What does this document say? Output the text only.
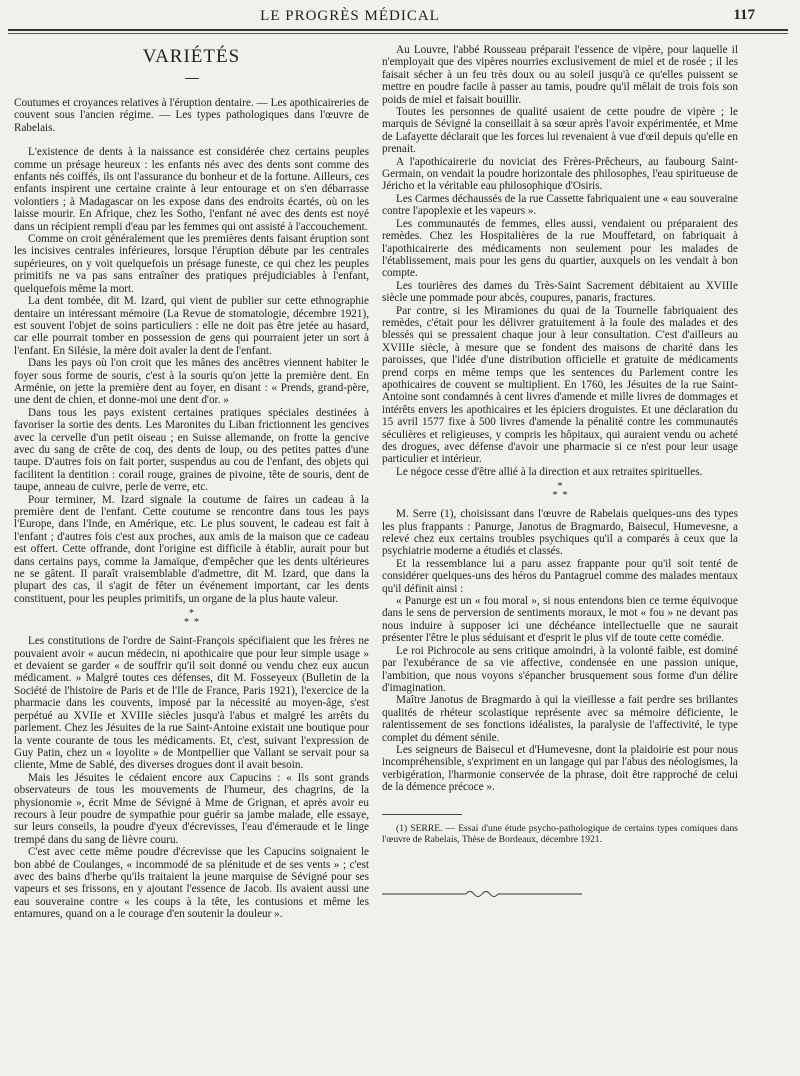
LE PROGRÈS MÉDICAL	117
VARIÉTÉS

Coutumes et croyances relatives à l'éruption dentaire. — Les apothicaireries de couvent sous l'ancien régime. — Les types pathologiques dans l'œuvre de Rabelais.

L'existence de dents à la naissance est considérée chez certains peuples comme un présage heureux : les enfants nés avec des dents sont comme des enfants nés coiffés, ils ont l'assurance du bonheur et de la fortune. Ailleurs, ces enfants inspirent une certaine crainte à leur entourage et on s'en débarrasse volontiers ; à Madagascar on les expose dans des endroits écartés, où on les laisse mourir. En Afrique, chez les Sotho, l'enfant né avec des dents est noyé dans un récipient rempli d'eau par les femmes qui ont assisté à l'accouchement.

Comme on croit généralement que les premières dents faisant éruption sont les incisives centrales inférieures, lorsque l'éruption débute par les centrales supérieures, on y voit quelquefois un présage funeste, ce qui chez les peuples primitifs ne va pas sans entraîner des pratiques préjudiciables à l'enfant, quelquefois même la mort.

La dent tombée, dit M. Izard, qui vient de publier sur cette ethnographie dentaire un intéressant mémoire (La Revue de stomatologie, décembre 1921), est souvent l'objet de soins particuliers : elle ne doit pas être jetée au hasard, car elle pourrait tomber en possession de gens qui pourraient jeter un sort à l'enfant. En Silésie, la mère doit avaler la dent de l'enfant.

Dans les pays où l'on croit que les mânes des ancêtres viennent habiter le foyer sous forme de souris, c'est à la souris qu'on jette la première dent. En Arménie, on jette la première dent au foyer, en disant : « Prends, grand-père, une dent de chien, et donne-moi une dent d'or. »

Dans tous les pays existent certaines pratiques spéciales destinées à favoriser la sortie des dents. Les Maronites du Liban frictionnent les gencives avec la cervelle d'un petit oiseau ; en Suisse allemande, on frotte la gencive avec du sang de crête de coq, des dents de loup, ou des petites pattes d'une taupe. D'autres fois on fait porter, suspendus au cou de l'enfant, des objets qui facilitent la dentition : corail rouge, graines de pivoine, tête de souris, dent de taupe, anneau de cuivre, perle de verre, etc.

Pour terminer, M. Izard signale la coutume de faires un cadeau à la première dent de l'enfant. Cette coutume se rencontre dans tous les pays l'Europe, dans l'Inde, en Amérique, etc. Le plus souvent, le cadeau est fait à l'enfant ; d'autres fois c'est aux proches, aux amis de la maison que ce cadeau est offert. Cette offrande, dont l'origine est difficile à établir, aurait pour but dans certains pays, comme la Jamaïque, d'empêcher que les dents ultérieures ne se gâtent. Il paraît vraisemblable d'admettre, dit M. Izard, que dans la plupart des cas, il s'agit de fêter un événement important, car les dents constituent, pour les peuples primitifs, un organe de la plus haute valeur.

*
* *

Les constitutions de l'ordre de Saint-François spécifiaient que les frères ne pouvaient avoir « aucun médecin, ni apothicaire que pour leur simple usage » et devaient se garder « de souffrir qu'il soit donné ou vendu chez eux aucun médicament. » Malgré toutes ces défenses, dit M. Fosseyeux (Bulletin de la Société de l'histoire de Paris et de l'Ile de France, Paris 1921), l'exercice de la pharmacie dans les couvents, imposé par la nécessité au moyen-âge, s'est perpétué au XVIIe et XVIIIe siècles jusqu'à l'abus et malgré les arrêts du parlement. Chez les Jésuites de la rue Saint-Antoine existait une boutique pour la vente courante de tous les médicaments. Et, c'est, suivant l'expression de Guy Patin, chez un « loyolite » de Montpellier que Vallant se servait pour sa cliente, Mme de Sablé, des diverses drogues dont il avait besoin.

Mais les Jésuites le cédaient encore aux Capucins : « Ils sont grands observateurs de tous les mouvements de l'humeur, des chagrins, de la physionomie », écrit Mme de Sévigné à Mme de Grignan, et après avoir eu recours à leur poudre de sympathie pour guérir sa jambe malade, elle essaye, sur leurs conseils, la poudre d'yeux d'écrevisses, l'eau d'émeraude et le linge trempé dans du sang de lièvre couru.

C'est avec cette même poudre d'écrevisse que les Capucins soignaient le bon abbé de Coulanges, « incommodé de sa plénitude et de ses vents » ; c'est avec des bains d'herbe qu'ils traitaient la jeune marquise de Sévigné pour ses vapeurs et ses frissons, en y ajoutant l'essence de Jacob. Ils avaient aussi une eau souveraine contre « les coups à la tête, les contusions et même les entamures, quand on a le courage d'en soutenir la douleur ».

Au Louvre, l'abbé Rousseau préparait l'essence de vipère, pour laquelle il n'employait que des vipères nourries exclusivement de miel et de rosée ; il les faisait sécher à un feu très doux ou au soleil jusqu'à ce qu'elles puissent se mettre en poudre facile à passer au tamis, poudre qu'il mêlait de trois fois son poids de miel et faisait bouillir.

Toutes les personnes de qualité usaient de cette poudre de vipère ; le marquis de Sévigné la conseillait à sa sœur après l'avoir expérimentée, et Mme de Lafayette déclarait que les forces lui revenaient à vue d'œil depuis qu'elle en prenait.

A l'apothicairerie du noviciat des Frères-Prêcheurs, au faubourg Saint-Germain, on vendait la poudre horizontale des philosophes, l'eau spiritueuse de Jéricho et la véritable eau philosophique d'Osiris.

Les Carmes déchaussés de la rue Cassette fabriquaient une « eau souveraine contre l'apoplexie et les vapeurs ».

Les communautés de femmes, elles aussi, vendaient ou préparaient des remèdes. Chez les Hospitalières de la rue Mouffetard, on fabriquait à l'apothicairerie des médicaments non seulement pour les malades de l'établissement, mais pour les gens du quartier, auxquels on les vendait à bon compte.

Les tourières des dames du Très-Saint Sacrement débitaient au XVIIIe siècle une pommade pour abcès, coupures, panaris, fractures.

Par contre, si les Miramiones du quai de la Tournelle fabriquaient des remèdes, c'était pour les délivrer gratuitement à la foule des malades et des blessés qui se pressaient chaque jour à leur consultation. C'est d'ailleurs au XVIIIe siècle, à mesure que se fondent des maisons de charité dans les paroisses, que l'idée d'une distribution officielle et gratuite de médicaments prend corps en même temps que les sentences du Parlement contre les apothicaires de couvent se multiplient. En 1760, les Jésuites de la rue Saint-Antoine sont condamnés à cent livres d'amende et mille livres de dommages et intérêts envers les apothicaires et les épiciers droguistes. Et une déclaration du 15 avril 1577 fixe à 500 livres d'amende la pénalité contre les communautés séculières et religieuses, y compris les hôpitaux, qui auraient vendu ou acheté des drogues, avec défense d'avoir une pharmacie si ce n'est pour leur usage particulier et intérieur.

Le négoce cesse d'être allié à la direction et aux retraites spirituelles.

*
* *

M. Serre (1), choisissant dans l'œuvre de Rabelais quelques-uns des types les plus frappants : Panurge, Janotus de Bragmardo, Baisecul, Humevesne, a relevé chez eux certains troubles psychiques qu'il a comparés à ceux que la psychiatrie moderne a étudiés et classés.

Et la ressemblance lui a paru assez frappante pour qu'il soit tenté de considérer quelques-uns des héros du Pantagruel comme des malades mentaux qu'il définit ainsi :

« Panurge est un « fou moral », si nous entendons bien ce terme équivoque dans le sens de perversion de sentiments moraux, le mot « fou » ne devant pas nous induire à supposer ici une déchéance intellectuelle que ne saurait présenter l'être le plus séduisant et d'esprit le plus vif de toute cette comédie.

Le roi Pichrocole au sens critique amoindri, à la volonté faible, est dominé par l'exubérance de sa vie affective, condensée en une passion unique, l'ambition, que nous voyons s'épancher brusquement sous forme d'un délire d'imagination.

Maître Janotus de Bragmardo à qui la vieillesse a fait perdre ses brillantes qualités de rhéteur scolastique représente avec sa mémoire déficiente, le ralentissement de ses fonctions idéalistes, la paralysie de l'affectivité, le type complet du dément sénile.

Les seigneurs de Baisecul et d'Humevesne, dont la plaidoirie est pour nous incompréhensible, s'expriment en un langage qui par l'abus des néologismes, la verbigération, l'harmonie conservée de la phrase, doit être rapproché de celui de la démence précoce ».

(1) SERRE. — Essai d'une étude psycho-pathologique de certains types comiques dans l'œuvre de Rabelais, Thèse de Bordeaux, décembre 1921.
